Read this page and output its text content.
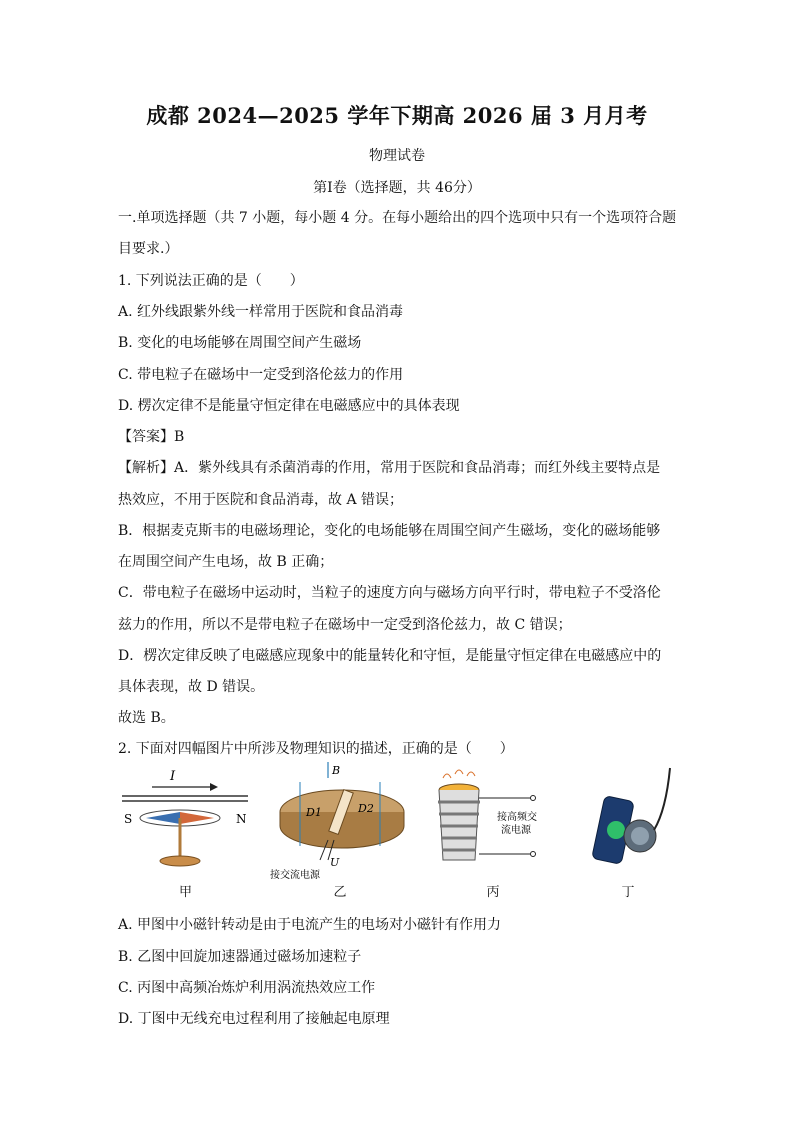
成都 2024—2025 学年下期高 2026 届 3 月月考
物理试卷
第Ⅰ卷（选择题，共 46分）
一.单项选择题（共 7 小题，每小题 4 分。在每小题给出的四个选项中只有一个选项符合题
目要求.）
1. 下列说法正确的是（　　）
A. 红外线跟紫外线一样常用于医院和食品消毒
B. 变化的电场能够在周围空间产生磁场
C. 带电粒子在磁场中一定受到洛伦兹力的作用
D. 楞次定律不是能量守恒定律在电磁感应中的具体表现
【答案】B
【解析】A．紫外线具有杀菌消毒的作用，常用于医院和食品消毒；而红外线主要特点是
热效应，不用于医院和食品消毒，故 A 错误；
B．根据麦克斯韦的电磁场理论，变化的电场能够在周围空间产生磁场，变化的磁场能够
在周围空间产生电场，故 B 正确；
C．带电粒子在磁场中运动时，当粒子的速度方向与磁场方向平行时，带电粒子不受洛伦
兹力的作用，所以不是带电粒子在磁场中一定受到洛伦兹力，故 C 错误；
D．楞次定律反映了电磁感应现象中的能量转化和守恒，是能量守恒定律在电磁感应中的
具体表现，故 D 错误。
故选 B。
2. 下面对四幅图片中所涉及物理知识的描述，正确的是（　　）
I
S	N
甲
B
D1	D2
U
接交流电源
乙
接高频交
流电源
丙	丁
A. 甲图中小磁针转动是由于电流产生的电场对小磁针有作用力
B. 乙图中回旋加速器通过磁场加速粒子
C. 丙图中高频冶炼炉利用涡流热效应工作
D. 丁图中无线充电过程利用了接触起电原理
